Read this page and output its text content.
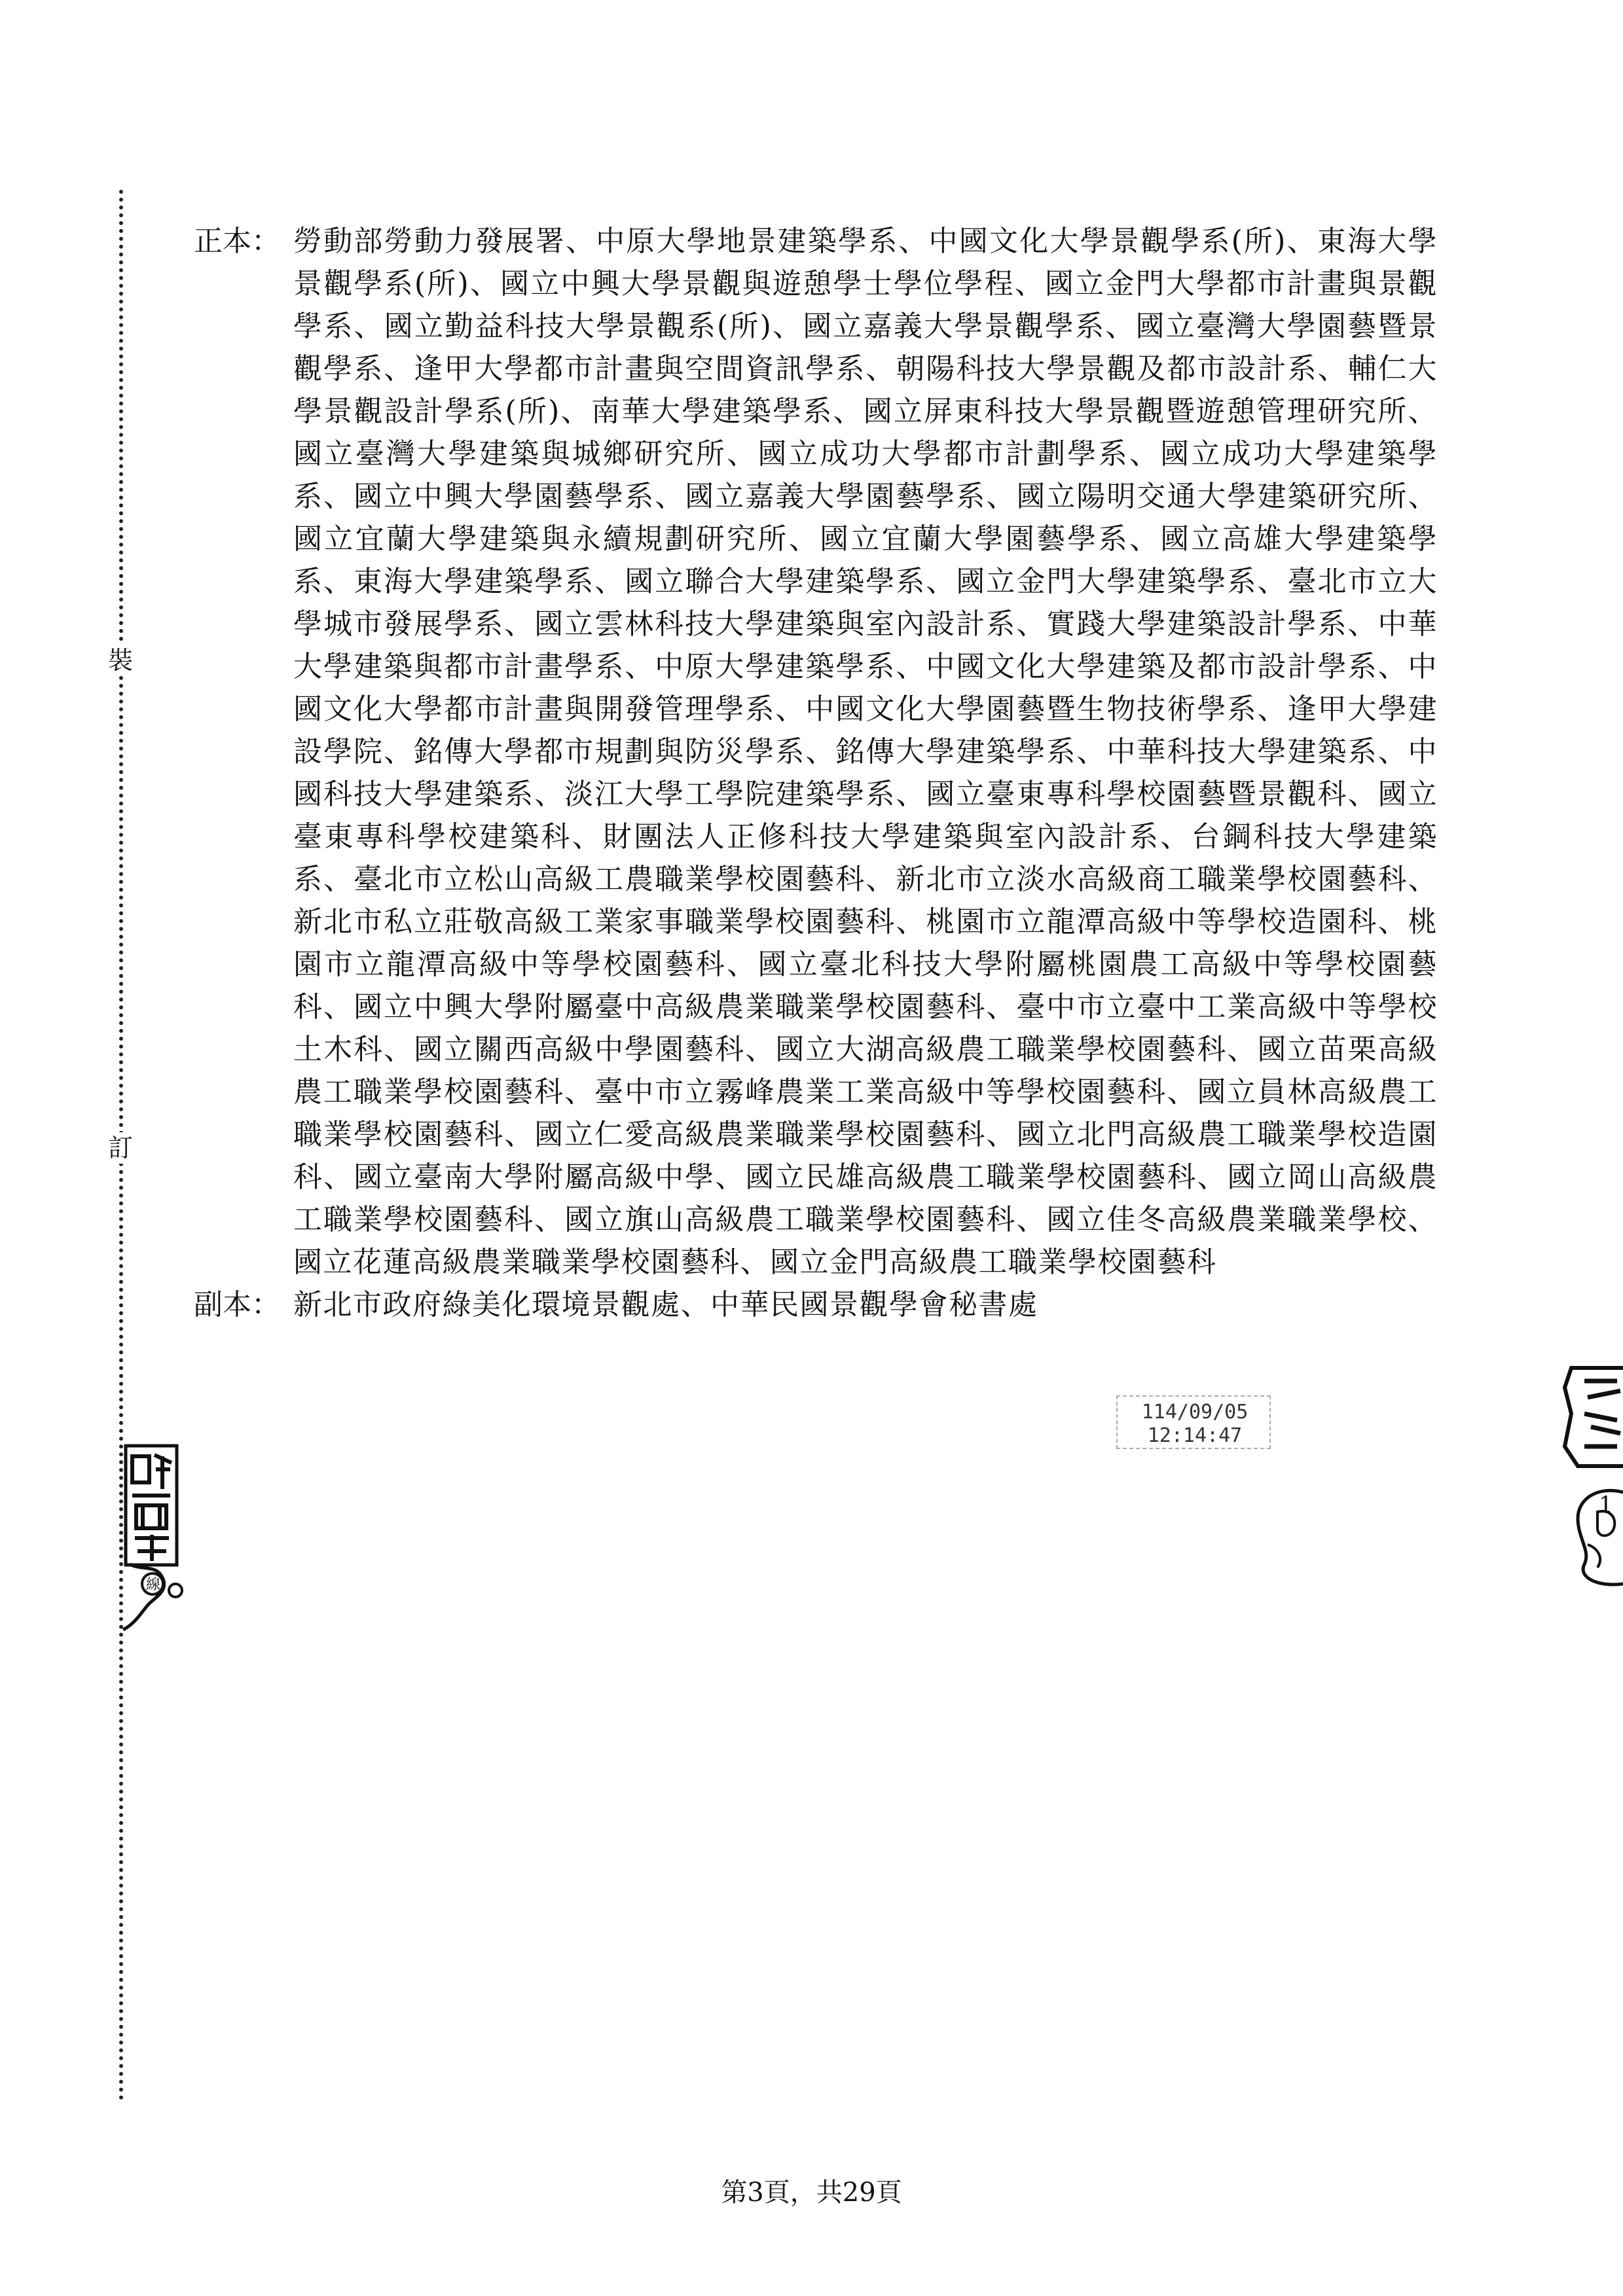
裝
訂
線
1
正本： 勞動部勞動力發展署、中原大學地景建築學系、中國文化大學景觀學系(所)、東海大學景觀學系(所)、國立中興大學景觀與遊憩學士學位學程、國立金門大學都市計畫與景觀學系、國立勤益科技大學景觀系(所)、國立嘉義大學景觀學系、國立臺灣大學園藝暨景觀學系、逢甲大學都市計畫與空間資訊學系、朝陽科技大學景觀及都市設計系、輔仁大學景觀設計學系(所)、南華大學建築學系、國立屏東科技大學景觀暨遊憩管理研究所、國立臺灣大學建築與城鄉研究所、國立成功大學都市計劃學系、國立成功大學建築學系、國立中興大學園藝學系、國立嘉義大學園藝學系、國立陽明交通大學建築研究所、國立宜蘭大學建築與永續規劃研究所、國立宜蘭大學園藝學系、國立高雄大學建築學系、東海大學建築學系、國立聯合大學建築學系、國立金門大學建築學系、臺北市立大學城市發展學系、國立雲林科技大學建築與室內設計系、實踐大學建築設計學系、中華大學建築與都市計畫學系、中原大學建築學系、中國文化大學建築及都市設計學系、中國文化大學都市計畫與開發管理學系、中國文化大學園藝暨生物技術學系、逢甲大學建設學院、銘傳大學都市規劃與防災學系、銘傳大學建築學系、中華科技大學建築系、中國科技大學建築系、淡江大學工學院建築學系、國立臺東專科學校園藝暨景觀科、國立臺東專科學校建築科、財團法人正修科技大學建築與室內設計系、台鋼科技大學建築系、臺北市立松山高級工農職業學校園藝科、新北市立淡水高級商工職業學校園藝科、新北市私立莊敬高級工業家事職業學校園藝科、桃園市立龍潭高級中等學校造園科、桃園市立龍潭高級中等學校園藝科、國立臺北科技大學附屬桃園農工高級中等學校園藝科、國立中興大學附屬臺中高級農業職業學校園藝科、臺中市立臺中工業高級中等學校土木科、國立關西高級中學園藝科、國立大湖高級農工職業學校園藝科、國立苗栗高級農工職業學校園藝科、臺中市立霧峰農業工業高級中等學校園藝科、國立員林高級農工職業學校園藝科、國立仁愛高級農業職業學校園藝科、國立北門高級農工職業學校造園科、國立臺南大學附屬高級中學、國立民雄高級農工職業學校園藝科、國立岡山高級農工職業學校園藝科、國立旗山高級農工職業學校園藝科、國立佳冬高級農業職業學校、國立花蓮高級農業職業學校園藝科、國立金門高級農工職業學校園藝科
副本： 新北市政府綠美化環境景觀處、中華民國景觀學會秘書處
114/09/05
12:14:47
第3頁，共29頁
